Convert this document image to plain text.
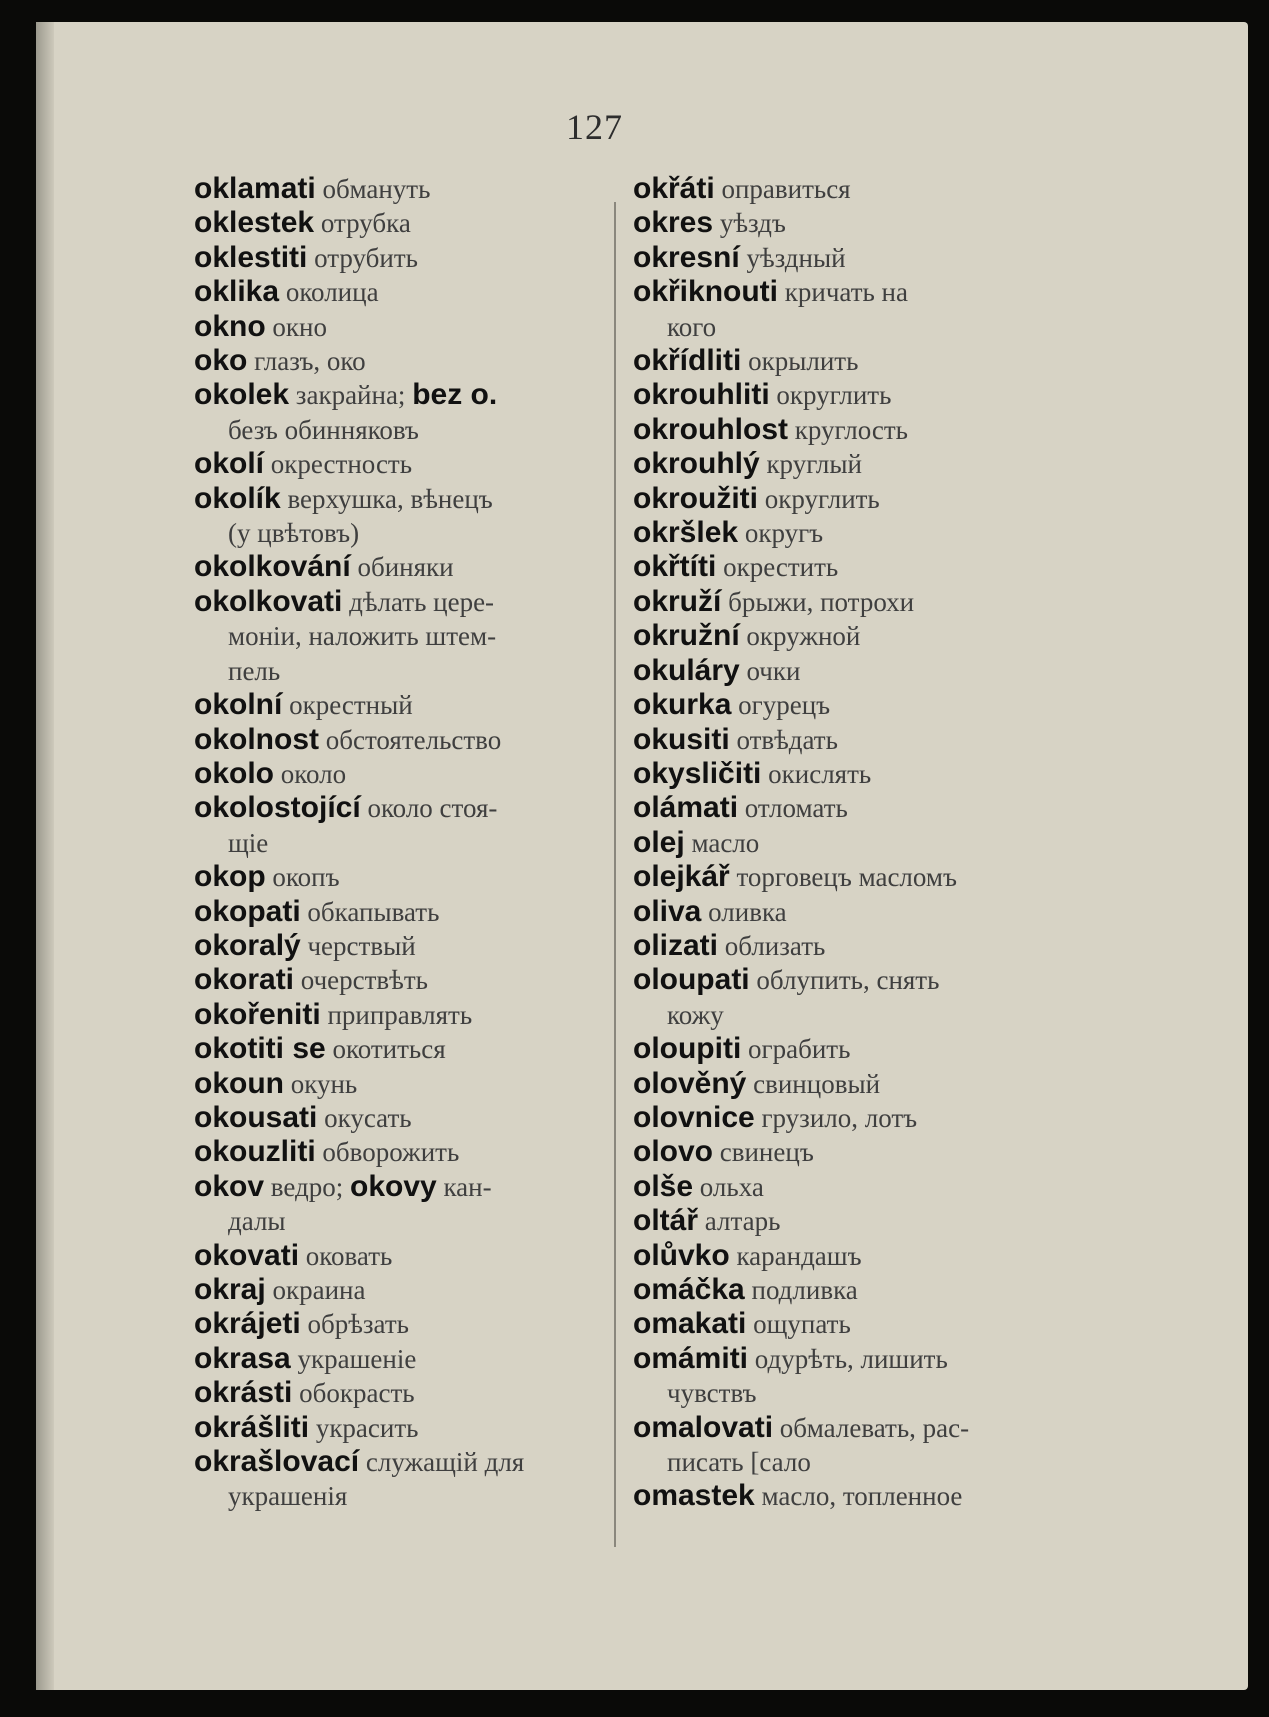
127
oklamati обмануть
oklestek отрубка
oklestiti отрубить
oklika околица
okno окно
oko глазъ, око
okolek закрайна; bez o.
безъ обинняковъ
okolí окрестность
okolík верхушка, вѣнецъ
(у цвѣтовъ)
okolkování обиняки
okolkovati дѣлать цере-
моніи, наложить штем-
пель
okolní окрестный
okolnost обстоятельство
okolo около
okolostojící около стоя-
щіе
okop окопъ
okopati обкапывать
okoralý черствый
okorati очерствѣть
okořeniti приправлять
okotiti se окотиться
okoun окунь
okousati окусать
okouzliti обворожить
okov ведро; okovy кан-
далы
okovati оковать
okraj окраина
okrájeti обрѣзать
okrasa украшеніе
okrásti обокрасть
okrášliti украсить
okrašlovací служащій для
украшенія
okřáti оправиться
okres уѣздъ
okresní уѣздный
okřiknouti кричать на
кого
okřídliti окрылить
okrouhliti округлить
okrouhlost круглость
okrouhlý круглый
okroužiti округлить
okršlek округъ
okřtíti окрестить
okruží брыжи, потрохи
okružní окружной
okuláry очки
okurka огурецъ
okusiti отвѣдать
okysličiti окислять
olámati отломать
olej масло
olejkář торговецъ масломъ
oliva оливка
olizati облизать
oloupati облупить, снять
кожу
oloupiti ограбить
olověný свинцовый
olovnice грузило, лотъ
olovo свинецъ
olše ольха
oltář алтарь
olůvko карандашъ
omáčka подливка
omakati ощупать
omámiti одурѣть, лишить
чувствъ
omalovati обмалевать, рас-
писать [сало
omastek масло, топленное
